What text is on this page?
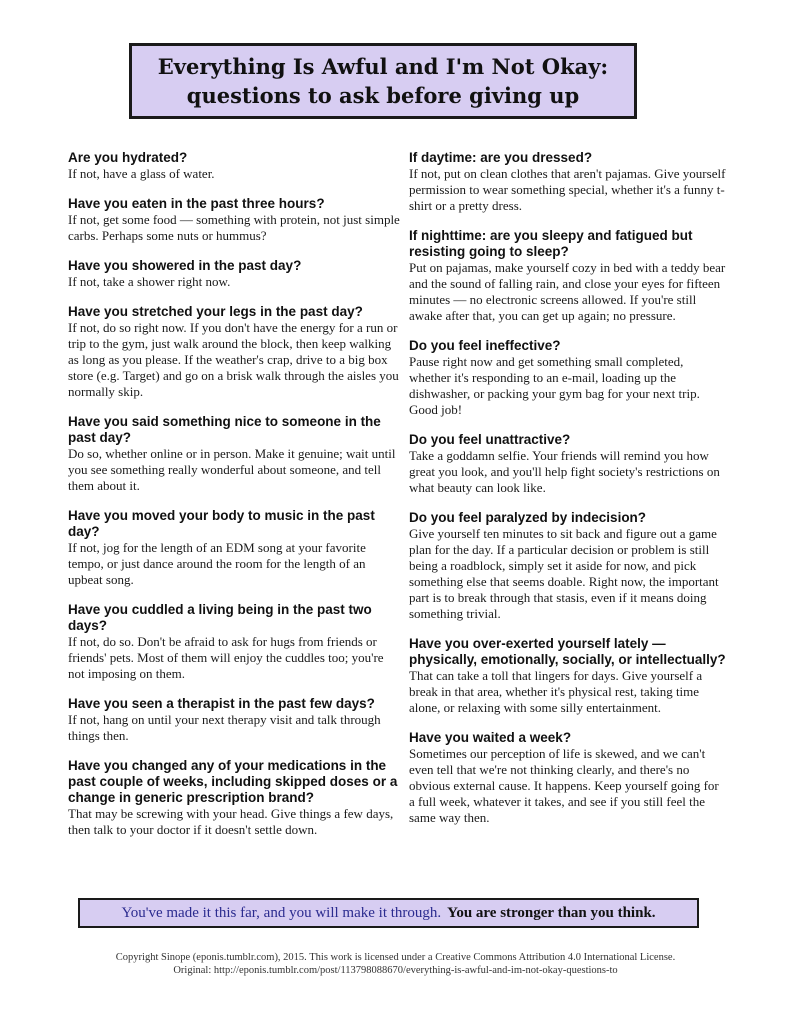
Everything Is Awful and I'm Not Okay:
questions to ask before giving up

Are you hydrated?

If not, have a glass of water.

Have you eaten in the past three hours?

If not, get some food — something with protein, not just simple carbs. Perhaps some nuts or hummus?

Have you showered in the past day?

If not, take a shower right now.

Have you stretched your legs in the past day?

If not, do so right now. If you don't have the energy for a run or trip to the gym, just walk around the block, then keep walking as long as you please. If the weather's crap, drive to a big box store (e.g. Target) and go on a brisk walk through the aisles you normally skip.

Have you said something nice to someone in the past day?

Do so, whether online or in person. Make it genuine; wait until you see something really wonderful about someone, and tell them about it.

Have you moved your body to music in the past day?

If not, jog for the length of an EDM song at your favorite tempo, or just dance around the room for the length of an upbeat song.

Have you cuddled a living being in the past two days?

If not, do so. Don't be afraid to ask for hugs from friends or friends' pets. Most of them will enjoy the cuddles too; you're not imposing on them.

Have you seen a therapist in the past few days?

If not, hang on until your next therapy visit and talk through things then.

Have you changed any of your medications in the past couple of weeks, including skipped doses or a change in generic prescription brand?

That may be screwing with your head. Give things a few days, then talk to your doctor if it doesn't settle down.

If daytime: are you dressed?

If not, put on clean clothes that aren't pajamas. Give yourself permission to wear something special, whether it's a funny t-shirt or a pretty dress.

If nighttime: are you sleepy and fatigued but resisting going to sleep?

Put on pajamas, make yourself cozy in bed with a teddy bear and the sound of falling rain, and close your eyes for fifteen minutes — no electronic screens allowed. If you're still awake after that, you can get up again; no pressure.

Do you feel ineffective?

Pause right now and get something small completed, whether it's responding to an e-mail, loading up the dishwasher, or packing your gym bag for your next trip. Good job!

Do you feel unattractive?

Take a goddamn selfie. Your friends will remind you how great you look, and you'll help fight society's restrictions on what beauty can look like.

Do you feel paralyzed by indecision?

Give yourself ten minutes to sit back and figure out a game plan for the day. If a particular decision or problem is still being a roadblock, simply set it aside for now, and pick something else that seems doable. Right now, the important part is to break through that stasis, even if it means doing something trivial.

Have you over-exerted yourself lately — physically, emotionally, socially, or intellectually?

That can take a toll that lingers for days. Give yourself a break in that area, whether it's physical rest, taking time alone, or relaxing with some silly entertainment.

Have you waited a week?

Sometimes our perception of life is skewed, and we can't even tell that we're not thinking clearly, and there's no obvious external cause. It happens. Keep yourself going for a full week, whatever it takes, and see if you still feel the same way then.

You've made it this far, and you will make it through. You are stronger than you think.
Copyright Sinope (eponis.tumblr.com), 2015. This work is licensed under a Creative Commons Attribution 4.0 International License.
Original: http://eponis.tumblr.com/post/113798088670/everything-is-awful-and-im-not-okay-questions-to
